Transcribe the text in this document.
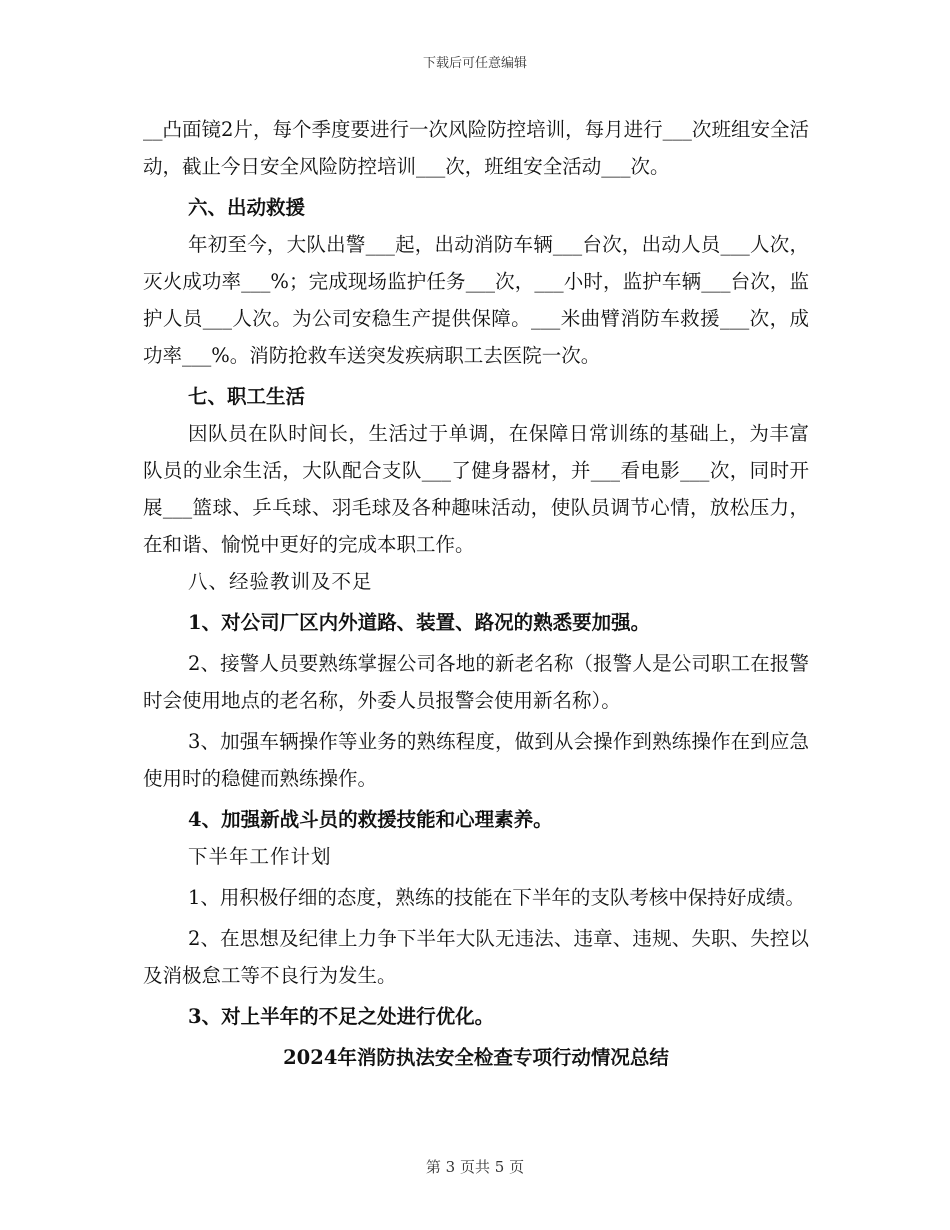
下载后可任意编辑

__凸面镜2片，每个季度要进行一次风险防控培训，每月进行___次班组安全活动，截止今日安全风险防控培训___次，班组安全活动___次。

六、出动救援

年初至今，大队出警___起，出动消防车辆___台次，出动人员___人次，灭火成功率___%；完成现场监护任务___次，___小时，监护车辆___台次，监护人员___人次。为公司安稳生产提供保障。___米曲臂消防车救援___次，成功率___%。消防抢救车送突发疾病职工去医院一次。

七、职工生活

因队员在队时间长，生活过于单调，在保障日常训练的基础上，为丰富队员的业余生活，大队配合支队___了健身器材，并___看电影___次，同时开展___篮球、乒乓球、羽毛球及各种趣味活动，使队员调节心情，放松压力，在和谐、愉悦中更好的完成本职工作。

八、经验教训及不足

1、对公司厂区内外道路、装置、路况的熟悉要加强。

2、接警人员要熟练掌握公司各地的新老名称（报警人是公司职工在报警时会使用地点的老名称，外委人员报警会使用新名称）。

3、加强车辆操作等业务的熟练程度，做到从会操作到熟练操作在到应急使用时的稳健而熟练操作。

4、加强新战斗员的救援技能和心理素养。

下半年工作计划

1、用积极仔细的态度，熟练的技能在下半年的支队考核中保持好成绩。

2、在思想及纪律上力争下半年大队无违法、违章、违规、失职、失控以及消极怠工等不良行为发生。

3、对上半年的不足之处进行优化。

2024年消防执法安全检查专项行动情况总结

第 3 页共 5 页
